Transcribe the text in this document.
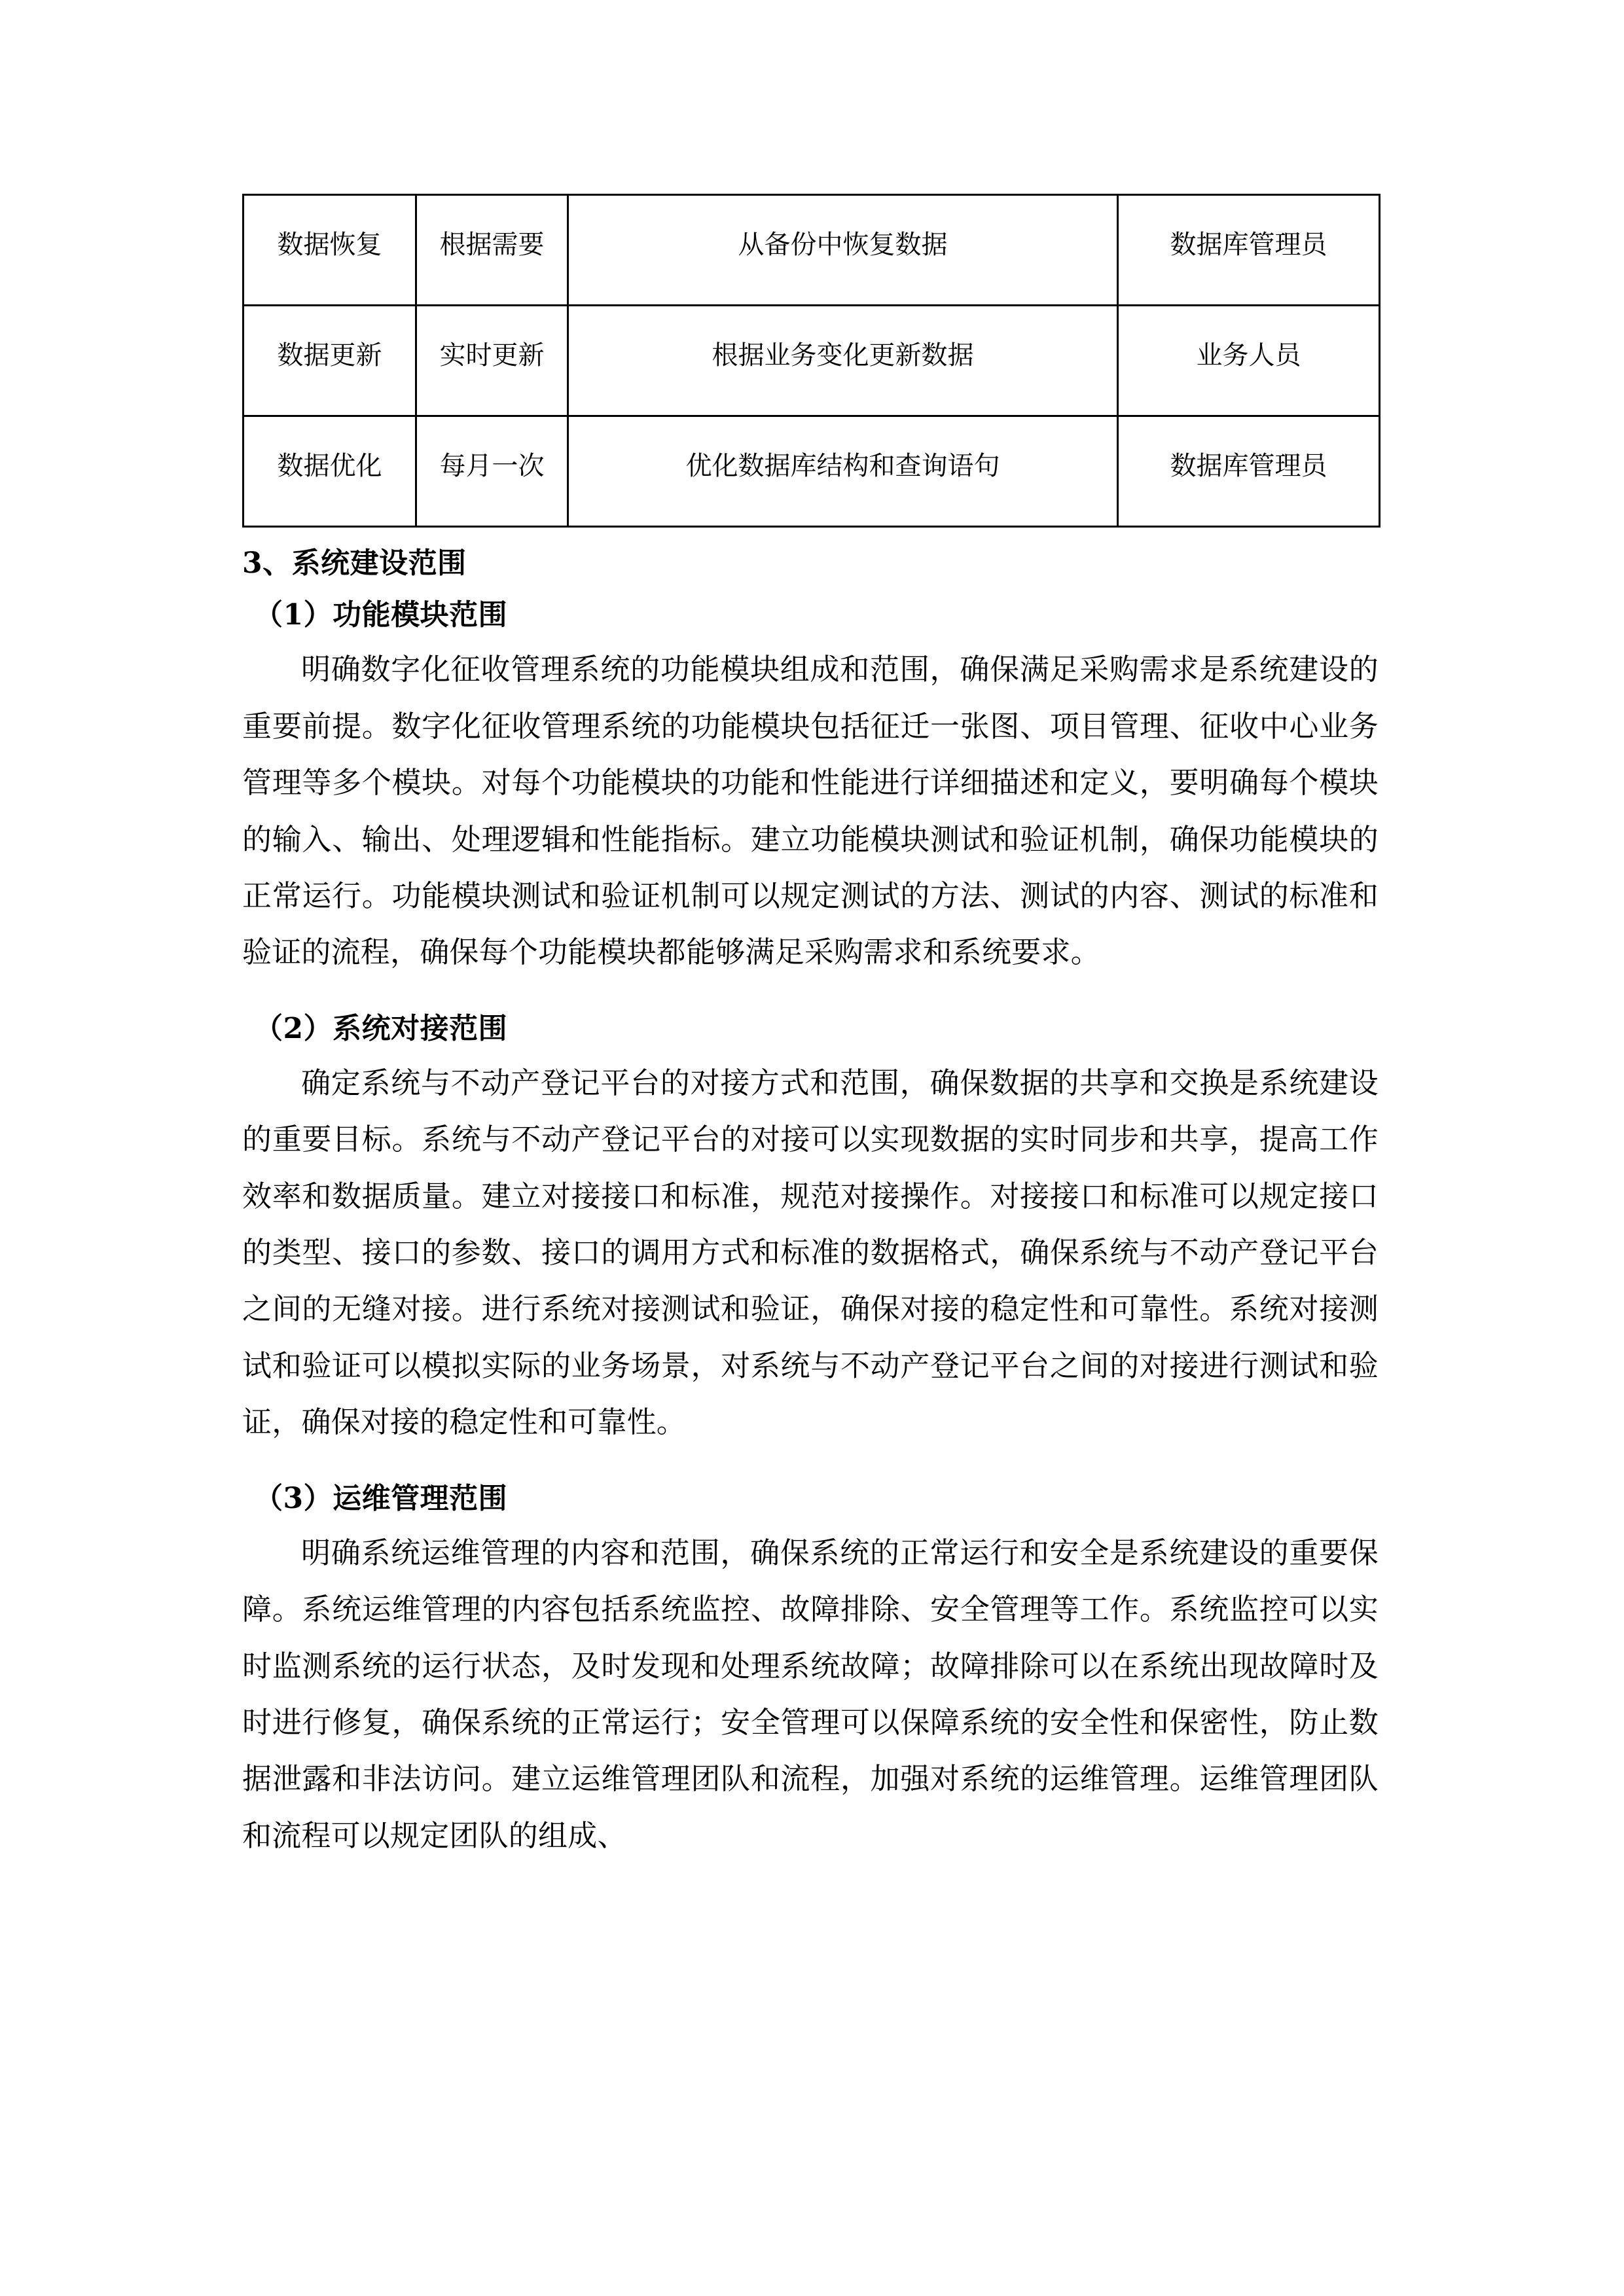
数据恢复	根据需要	从备份中恢复数据	数据库管理员
数据更新	实时更新	根据业务变化更新数据	业务人员
数据优化	每月一次	优化数据库结构和查询语句	数据库管理员
3、系统建设范围
（1）功能模块范围

明确数字化征收管理系统的功能模块组成和范围，确保满足采购需求是系统建设的重要前提。数字化征收管理系统的功能模块包括征迁一张图、项目管理、征收中心业务管理等多个模块。对每个功能模块的功能和性能进行详细描述和定义，要明确每个模块的输入、输出、处理逻辑和性能指标。建立功能模块测试和验证机制，确保功能模块的正常运行。功能模块测试和验证机制可以规定测试的方法、测试的内容、测试的标准和验证的流程，确保每个功能模块都能够满足采购需求和系统要求。

（2）系统对接范围

确定系统与不动产登记平台的对接方式和范围，确保数据的共享和交换是系统建设的重要目标。系统与不动产登记平台的对接可以实现数据的实时同步和共享，提高工作效率和数据质量。建立对接接口和标准，规范对接操作。对接接口和标准可以规定接口的类型、接口的参数、接口的调用方式和标准的数据格式，确保系统与不动产登记平台之间的无缝对接。进行系统对接测试和验证，确保对接的稳定性和可靠性。系统对接测试和验证可以模拟实际的业务场景，对系统与不动产登记平台之间的对接进行测试和验证，确保对接的稳定性和可靠性。

（3）运维管理范围

明确系统运维管理的内容和范围，确保系统的正常运行和安全是系统建设的重要保障。系统运维管理的内容包括系统监控、故障排除、安全管理等工作。系统监控可以实时监测系统的运行状态，及时发现和处理系统故障；故障排除可以在系统出现故障时及时进行修复，确保系统的正常运行；安全管理可以保障系统的安全性和保密性，防止数据泄露和非法访问。建立运维管理团队和流程，加强对系统的运维管理。运维管理团队和流程可以规定团队的组成、
